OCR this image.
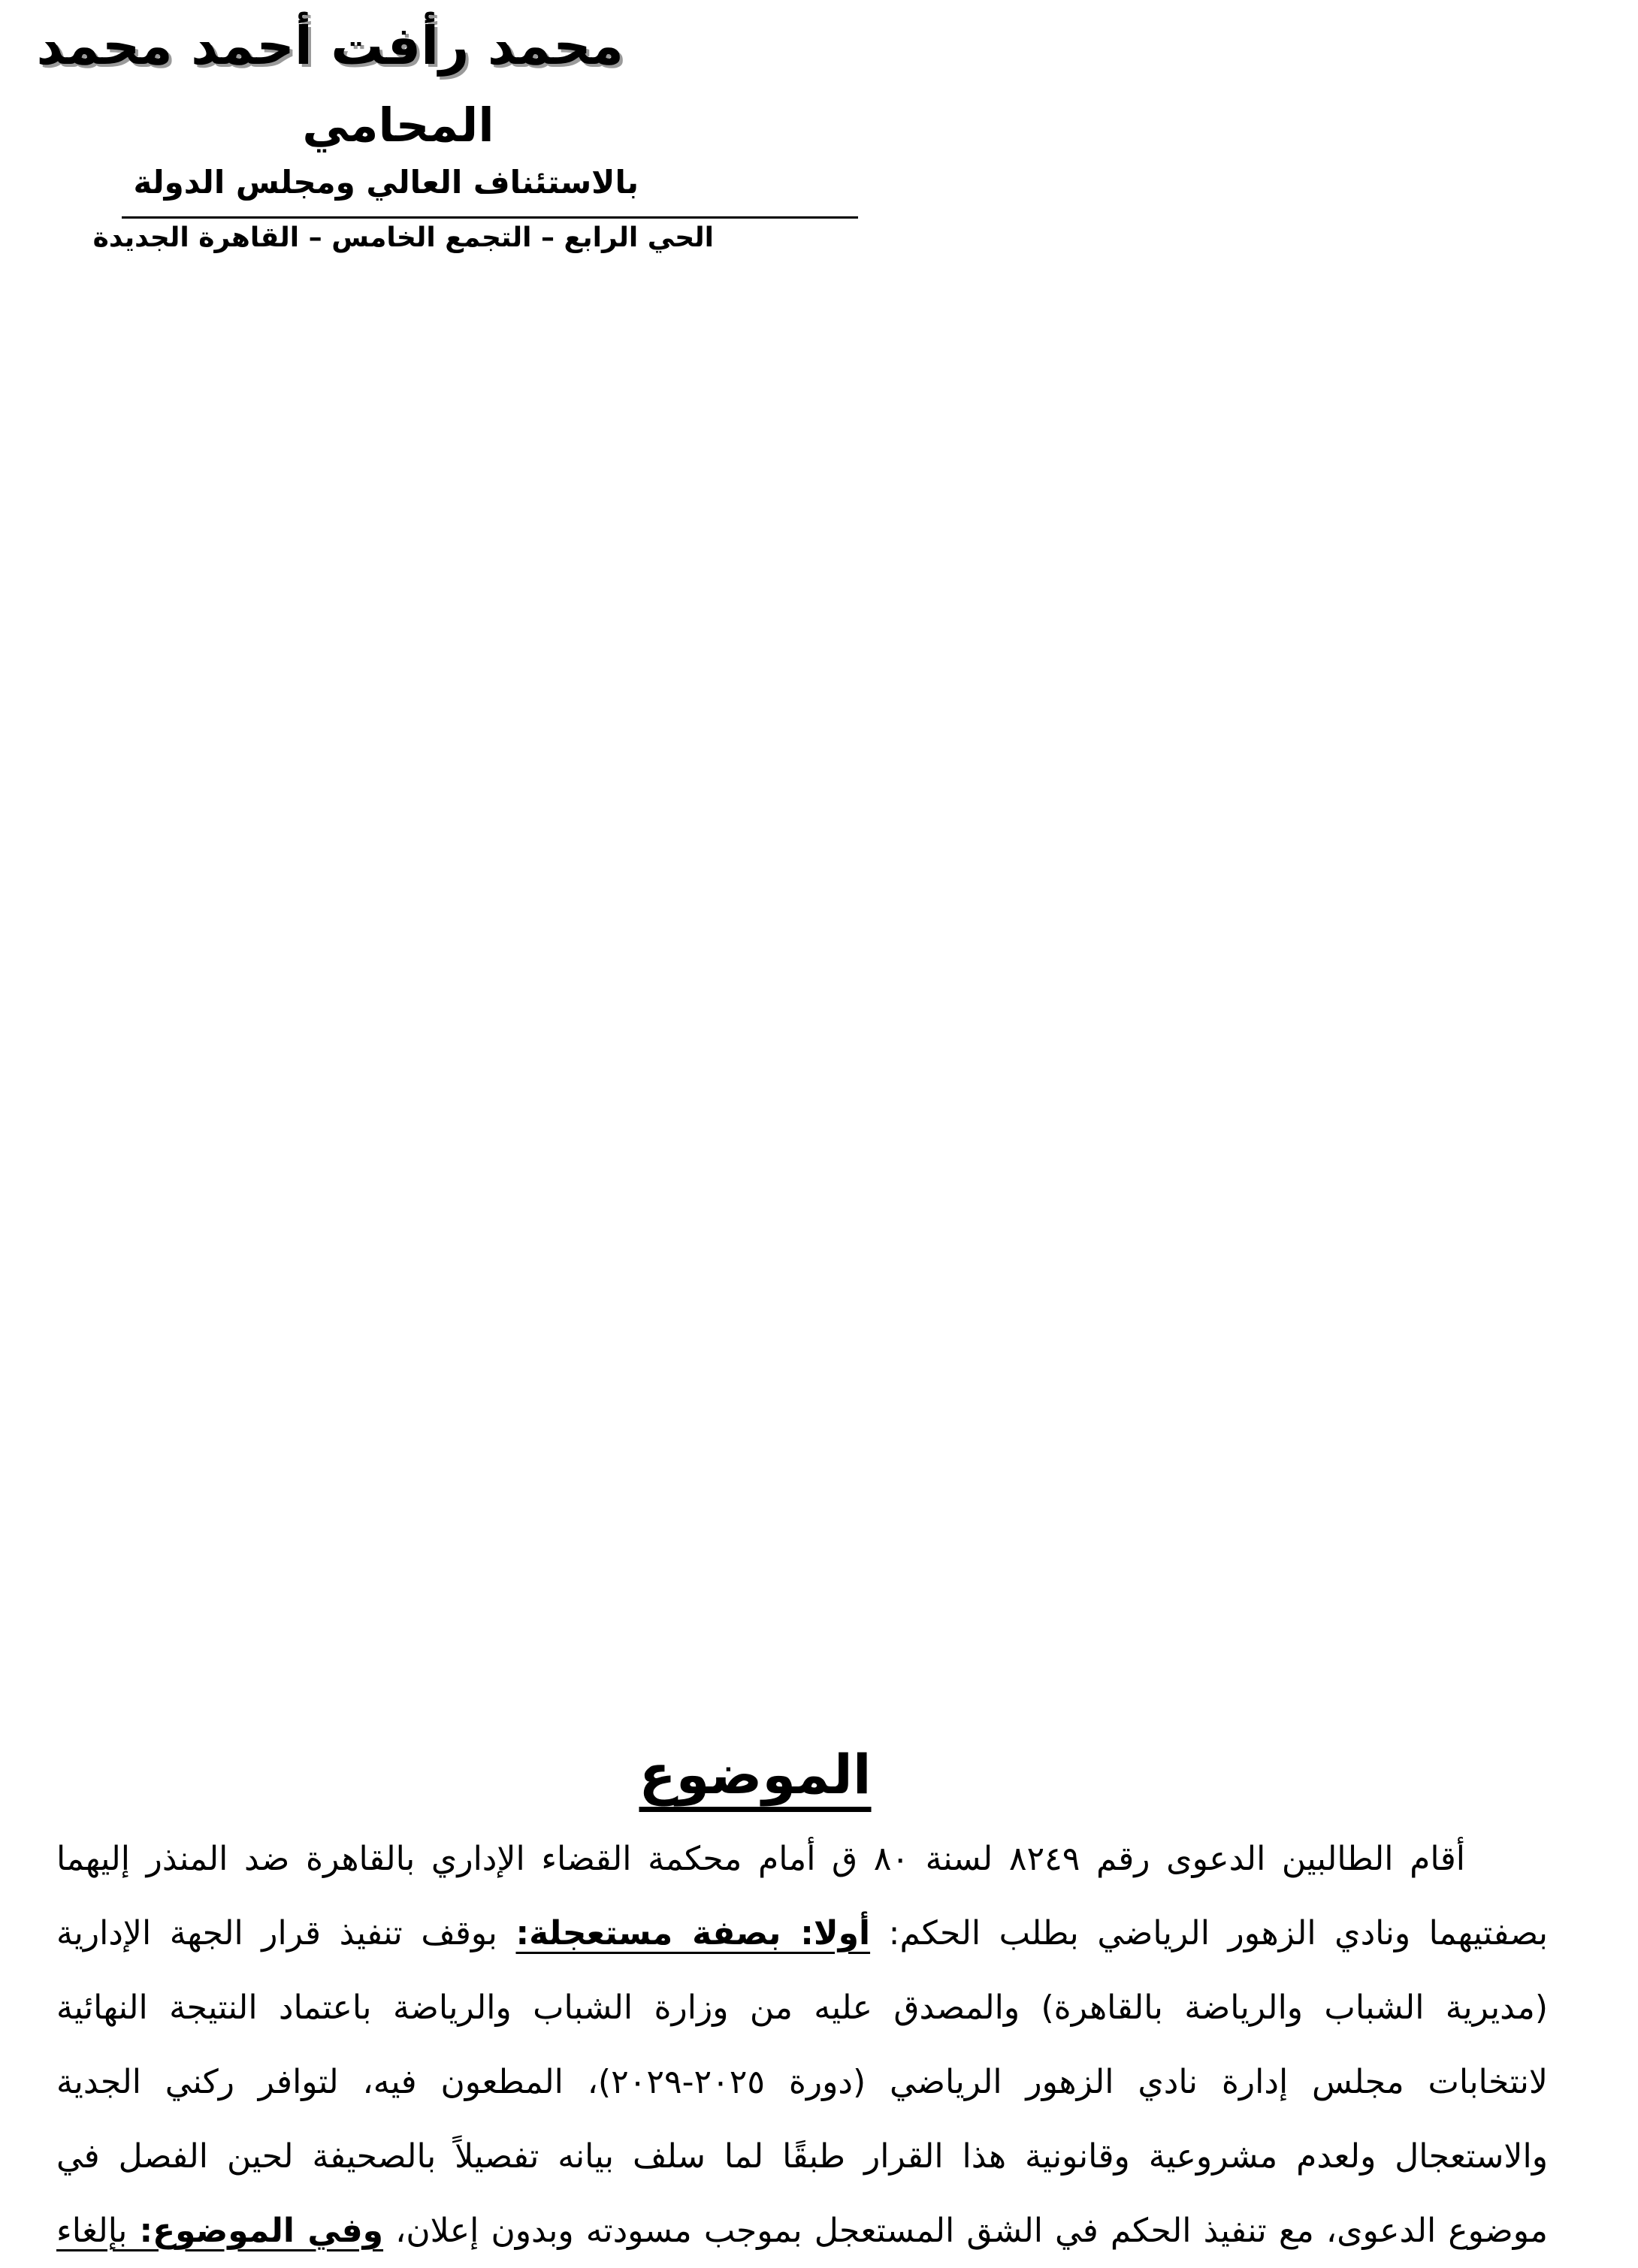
محمد رأفت أحمد محمد
المحامي
بالاستئناف العالي ومجلس الدولة
الحي الرابع – التجمع الخامس – القاهرة الجديدة
الموضوع
أقام الطالبين الدعوى رقم ٨٢٤٩ لسنة ٨٠ ق أمام محكمة القضاء الإداري بالقاهرة ضد المنذر إليهما
بصفتيهما ونادي الزهور الرياضي بطلب الحكم: أولا: بصفة مستعجلة: بوقف تنفيذ قرار الجهة الإدارية
(مديرية الشباب والرياضة بالقاهرة) والمصدق عليه من وزارة الشباب والرياضة باعتماد النتيجة النهائية
لانتخابات مجلس إدارة نادي الزهور الرياضي (دورة ٢٠٢٥-٢٠٢٩)، المطعون فيه، لتوافر ركني الجدية
والاستعجال ولعدم مشروعية وقانونية هذا القرار طبقًا لما سلف بيانه تفصيلاً بالصحيفة لحين الفصل في
موضوع الدعوى، مع تنفيذ الحكم في الشق المستعجل بموجب مسودته وبدون إعلان، وفي الموضوع: بإلغاء
